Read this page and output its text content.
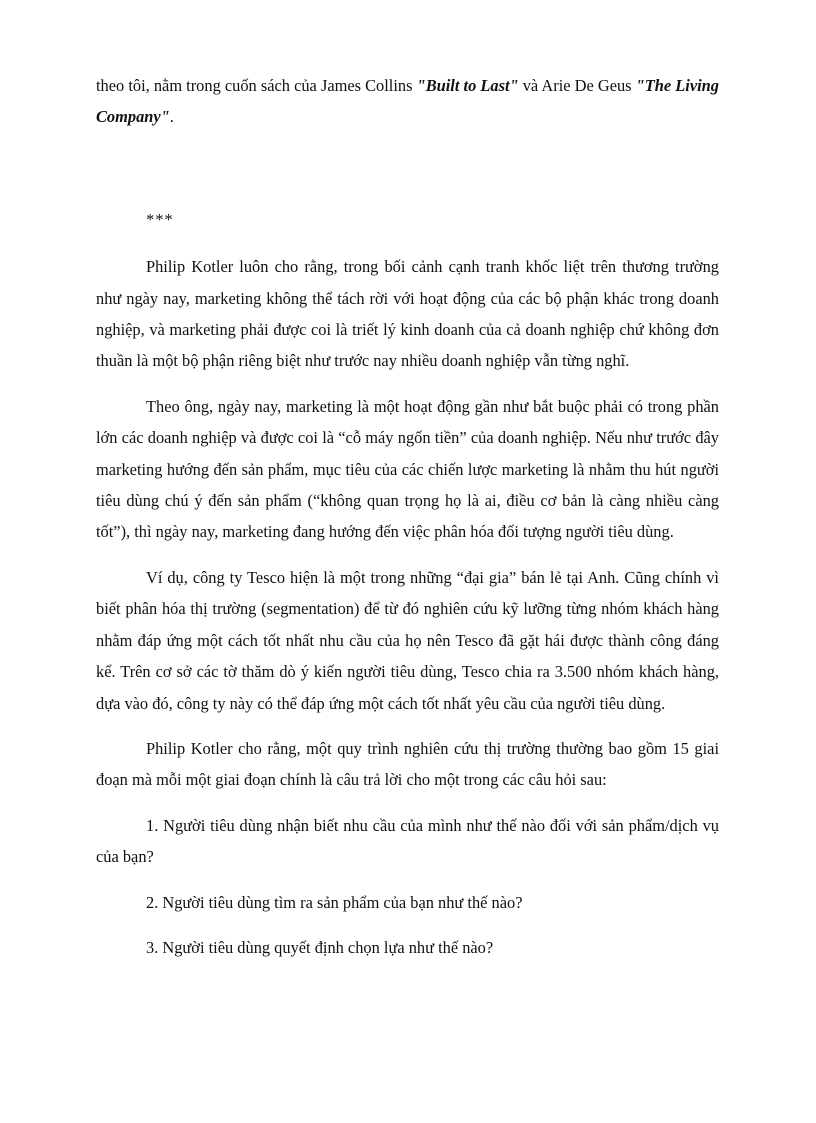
theo tôi, nằm trong cuốn sách của James Collins "Built to Last" và Arie De Geus "The Living Company".

***

Philip Kotler luôn cho rằng, trong bối cảnh cạnh tranh khốc liệt trên thương trường như ngày nay, marketing không thể tách rời với hoạt động của các bộ phận khác trong doanh nghiệp, và marketing phải được coi là triết lý kinh doanh của cả doanh nghiệp chứ không đơn thuần là một bộ phận riêng biệt như trước nay nhiều doanh nghiệp vẫn từng nghĩ.

Theo ông, ngày nay, marketing là một hoạt động gần như bắt buộc phải có trong phần lớn các doanh nghiệp và được coi là “cỗ máy ngốn tiền” của doanh nghiệp. Nếu như trước đây marketing hướng đến sản phẩm, mục tiêu của các chiến lược marketing là nhằm thu hút người tiêu dùng chú ý đến sản phẩm (“không quan trọng họ là ai, điều cơ bản là càng nhiều càng tốt”), thì ngày nay, marketing đang hướng đến việc phân hóa đối tượng người tiêu dùng.

Ví dụ, công ty Tesco hiện là một trong những “đại gia” bán lẻ tại Anh. Cũng chính vì biết phân hóa thị trường (segmentation) để từ đó nghiên cứu kỹ lưỡng từng nhóm khách hàng nhằm đáp ứng một cách tốt nhất nhu cầu của họ nên Tesco đã gặt hái được thành công đáng kể. Trên cơ sở các tờ thăm dò ý kiến người tiêu dùng, Tesco chia ra 3.500 nhóm khách hàng, dựa vào đó, công ty này có thể đáp ứng một cách tốt nhất yêu cầu của người tiêu dùng.

Philip Kotler cho rằng, một quy trình nghiên cứu thị trường thường bao gồm 15 giai đoạn mà mỗi một giai đoạn chính là câu trả lời cho một trong các câu hỏi sau:

1. Người tiêu dùng nhận biết nhu cầu của mình như thế nào đối với sản phẩm/dịch vụ của bạn?

2. Người tiêu dùng tìm ra sản phẩm của bạn như thế nào?

3. Người tiêu dùng quyết định chọn lựa như thế nào?
